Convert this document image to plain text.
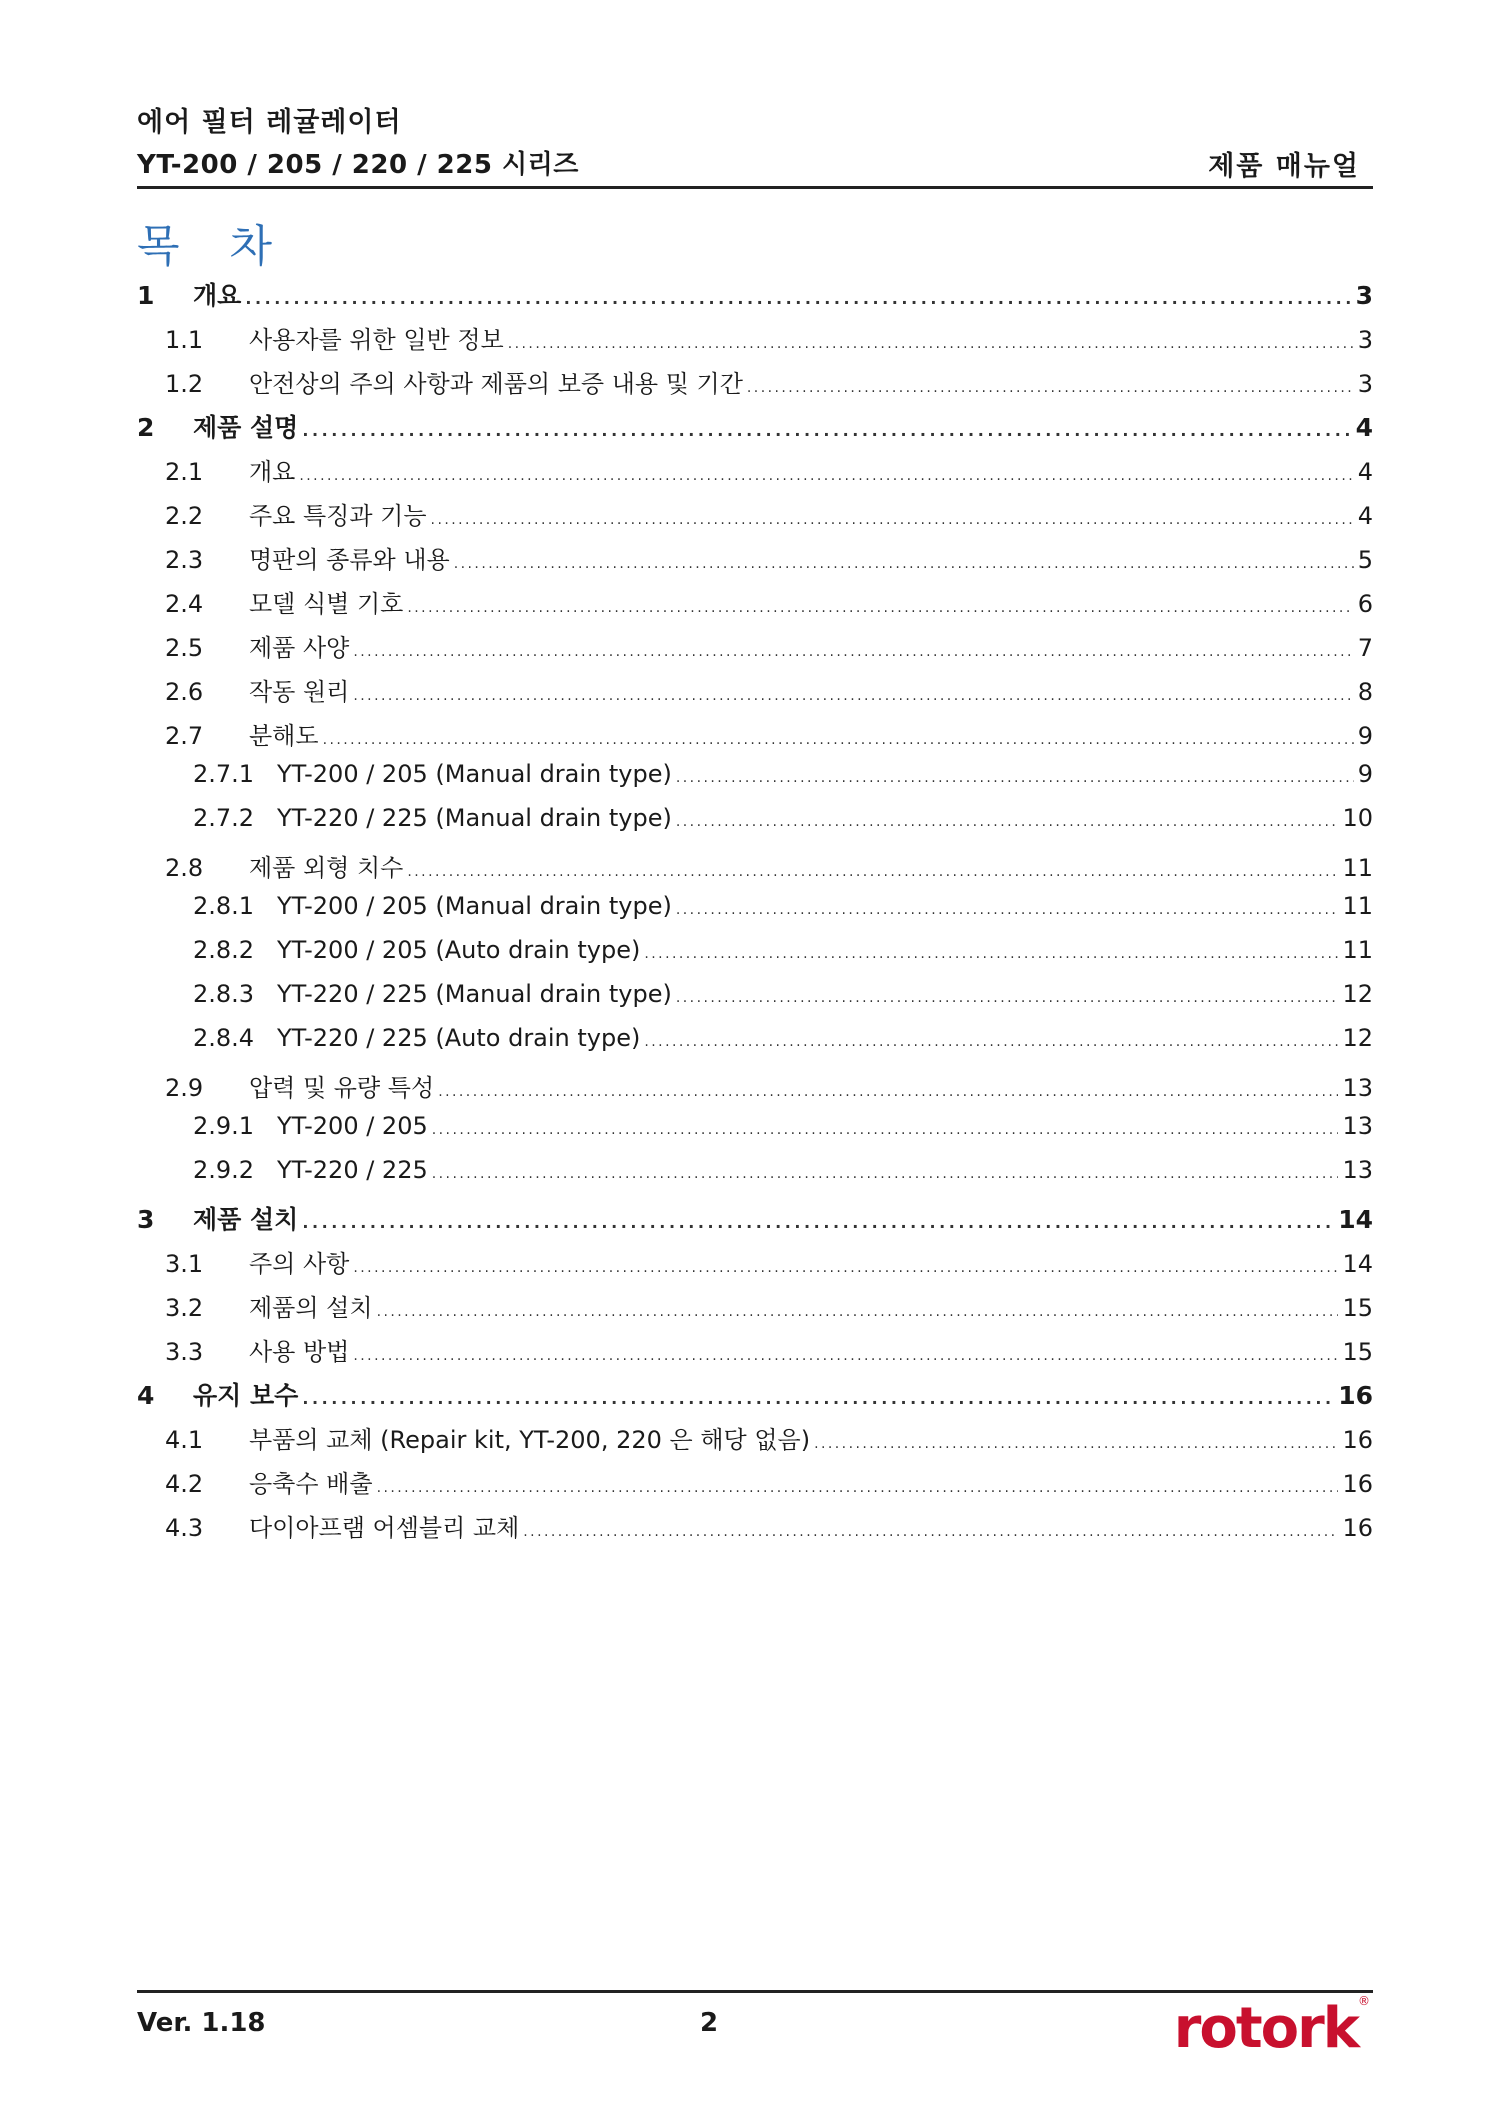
에어 필터 레귤레이터
YT-200 / 205 / 220 / 225 시리즈	제품 매뉴얼
목 차
1	개요 . . .	3
1.1	사용자를 위한 일반 정보 . . .	3
1.2	안전상의 주의 사항과 제품의 보증 내용 및 기간 . . .	3
2	제품 설명 . . .	4
2.1	개요 . . .	4
2.2	주요 특징과 기능 . . .	4
2.3	명판의 종류와 내용 . . .	5
2.4	모델 식별 기호 . . .	6
2.5	제품 사양 . . .	7
2.6	작동 원리 . . .	8
2.7	분해도 . . .	9
2.7.1 YT-200 / 205 (Manual drain type) . . .	9
2.7.2 YT-220 / 225 (Manual drain type) . . .	10
2.8	제품 외형 치수 . . .	11
2.8.1 YT-200 / 205 (Manual drain type) . . .	11
2.8.2 YT-200 / 205 (Auto drain type) . . .	11
2.8.3 YT-220 / 225 (Manual drain type) . . .	12
2.8.4 YT-220 / 225 (Auto drain type) . . .	12
2.9	압력 및 유량 특성 . . .	13
2.9.1 YT-200 / 205 . . .	13
2.9.2 YT-220 / 225 . . .	13
3	제품 설치 . . .	14
3.1	주의 사항 . . .	14
3.2	제품의 설치 . . .	15
3.3	사용 방법 . . .	15
4	유지 보수 . . .	16
4.1	부품의 교체 (Repair kit, YT-200, 220 은 해당 없음) . . .	16
4.2	응축수 배출 . . .	16
4.3	다이아프램 어셈블리 교체 . . .	16
Ver. 1.18	2	rotork®
